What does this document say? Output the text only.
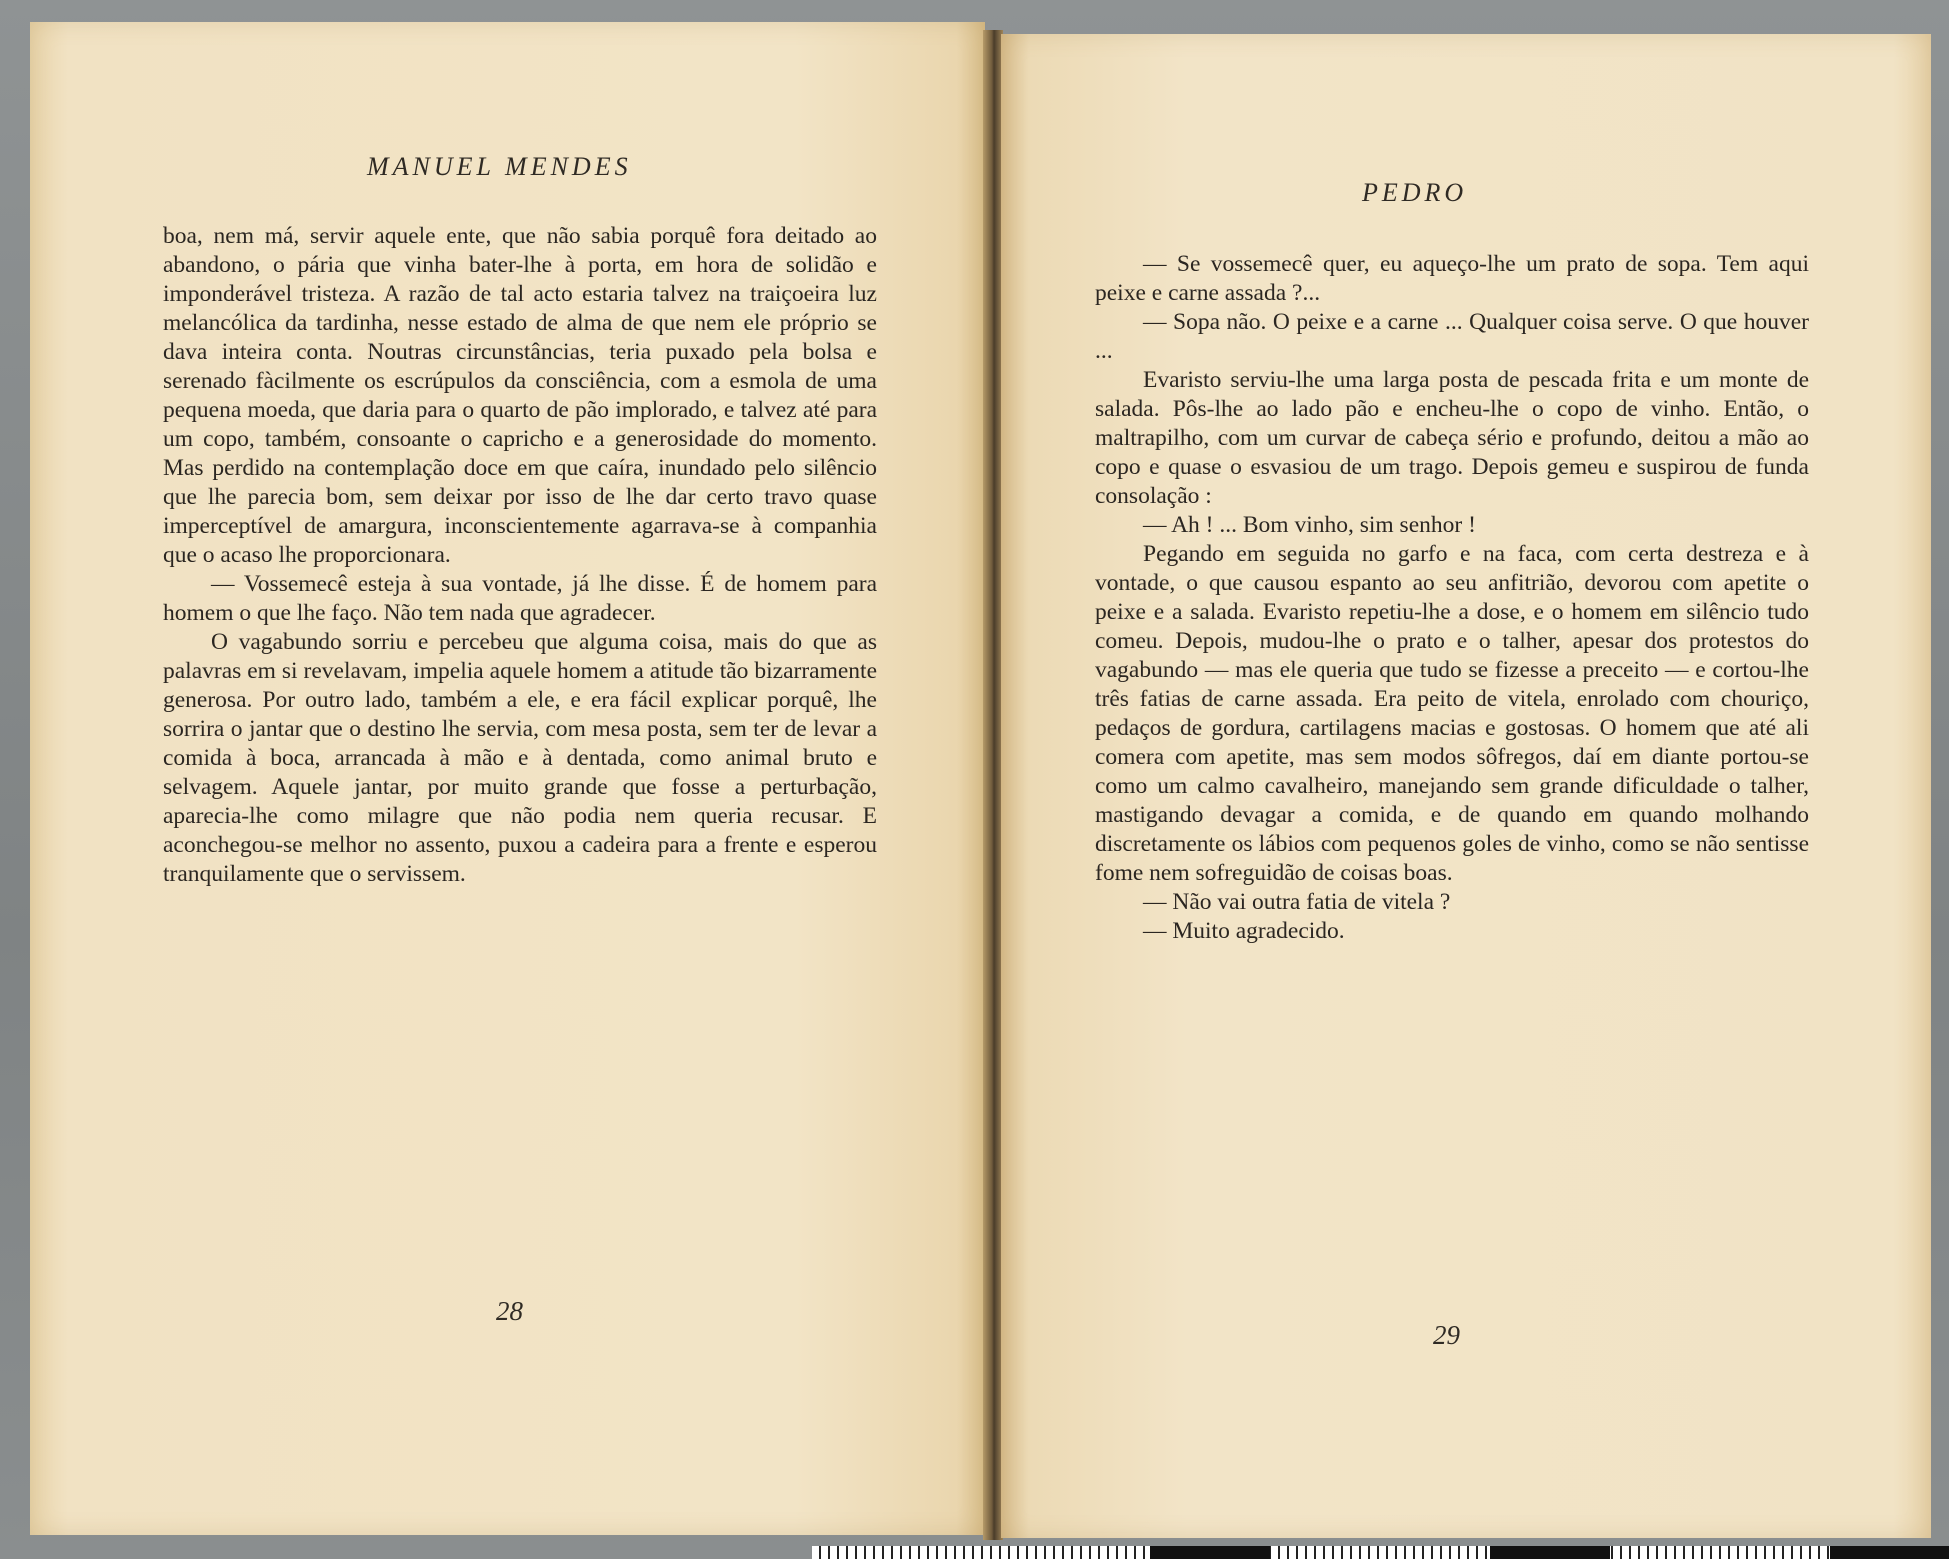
MANUEL MENDES

boa, nem má, servir aquele ente, que não sabia porquê fora deitado ao abandono, o pária que vinha bater-lhe à porta, em hora de solidão e imponderável tristeza. A razão de tal acto estaria talvez na traiçoeira luz melancólica da tardinha, nesse estado de alma de que nem ele próprio se dava inteira conta. Noutras circunstâncias, teria puxado pela bolsa e serenado fàcilmente os escrúpulos da consciência, com a esmola de uma pequena moeda, que daria para o quarto de pão implorado, e talvez até para um copo, também, consoante o capricho e a generosidade do momento. Mas perdido na contemplação doce em que caíra, inundado pelo silêncio que lhe parecia bom, sem deixar por isso de lhe dar certo travo quase imperceptível de amargura, inconscientemente agarrava-se à companhia que o acaso lhe proporcionara.

— Vossemecê esteja à sua vontade, já lhe disse. É de homem para homem o que lhe faço. Não tem nada que agradecer.

O vagabundo sorriu e percebeu que alguma coisa, mais do que as palavras em si revelavam, impelia aquele homem a atitude tão bizarramente generosa. Por outro lado, também a ele, e era fácil explicar porquê, lhe sorrira o jantar que o destino lhe servia, com mesa posta, sem ter de levar a comida à boca, arrancada à mão e à dentada, como animal bruto e selvagem. Aquele jantar, por muito grande que fosse a perturbação, aparecia-lhe como milagre que não podia nem queria recusar. E aconchegou-se melhor no assento, puxou a cadeira para a frente e esperou tranquilamente que o servissem.

28
PEDRO

— Se vossemecê quer, eu aqueço-lhe um prato de sopa. Tem aqui peixe e carne assada ?...

— Sopa não. O peixe e a carne ... Qualquer coisa serve. O que houver ...

Evaristo serviu-lhe uma larga posta de pescada frita e um monte de salada. Pôs-lhe ao lado pão e encheu-lhe o copo de vinho. Então, o maltrapilho, com um curvar de cabeça sério e profundo, deitou a mão ao copo e quase o esvasiou de um trago. Depois gemeu e suspirou de funda consolação :

— Ah ! ... Bom vinho, sim senhor !

Pegando em seguida no garfo e na faca, com certa destreza e à vontade, o que causou espanto ao seu anfitrião, devorou com apetite o peixe e a salada. Evaristo repetiu-lhe a dose, e o homem em silêncio tudo comeu. Depois, mudou-lhe o prato e o talher, apesar dos protestos do vagabundo — mas ele queria que tudo se fizesse a preceito — e cortou-lhe três fatias de carne assada. Era peito de vitela, enrolado com chouriço, pedaços de gordura, cartilagens macias e gostosas. O homem que até ali comera com apetite, mas sem modos sôfregos, daí em diante portou-se como um calmo cavalheiro, manejando sem grande dificuldade o talher, mastigando devagar a comida, e de quando em quando molhando discretamente os lábios com pequenos goles de vinho, como se não sentisse fome nem sofreguidão de coisas boas.

— Não vai outra fatia de vitela ?

— Muito agradecido.

29
